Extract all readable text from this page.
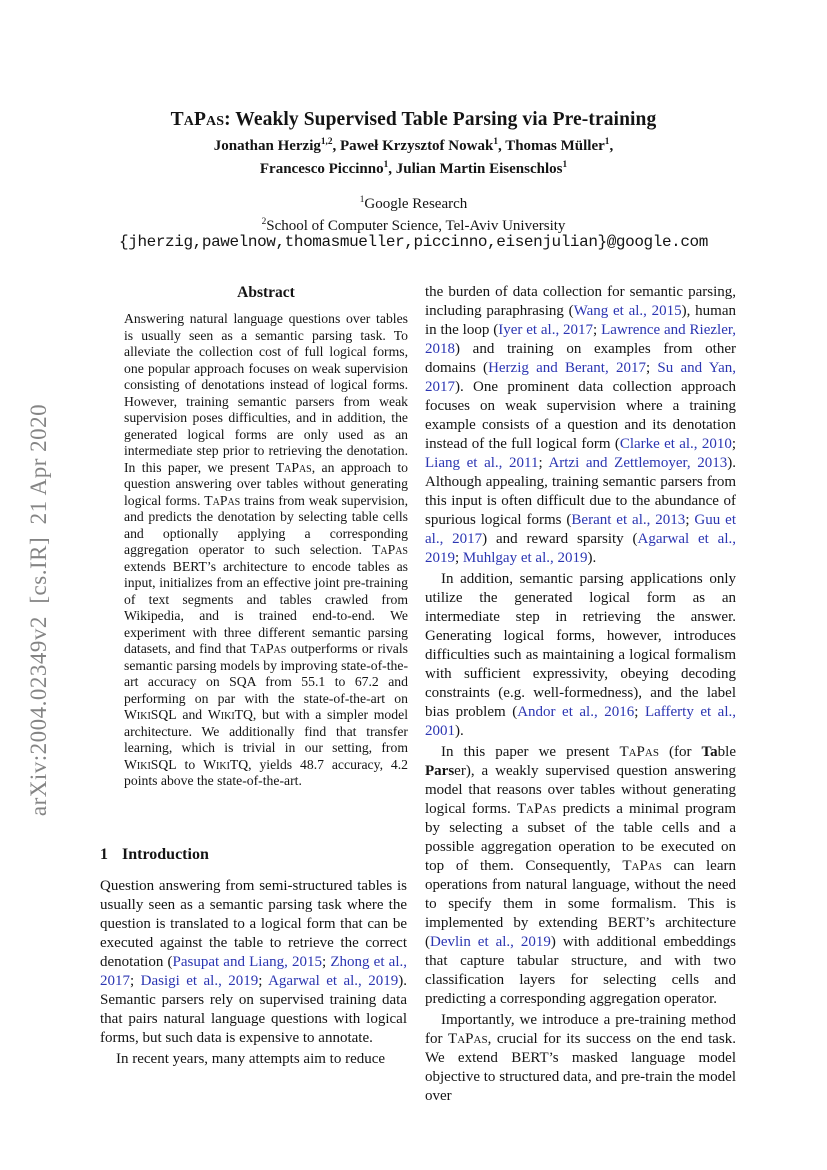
arXiv:2004.02349v2  [cs.IR]  21 Apr 2020
TaPas: Weakly Supervised Table Parsing via Pre-training
Jonathan Herzig$^{1,2}$, Paweł Krzysztof Nowak$^1$, Thomas Müller$^1$,
Francesco Piccinno$^1$, Julian Martin Eisenschlos$^1$
$^1$Google Research
$^2$School of Computer Science, Tel-Aviv University
{jherzig,pawelnow,thomasmueller,piccinno,eisenjulian}@google.com
Abstract
Answering natural language questions over tables is usually seen as a semantic parsing task. To alleviate the collection cost of full logical forms, one popular approach focuses on weak supervision consisting of denotations instead of logical forms. However, training semantic parsers from weak supervision poses difficulties, and in addition, the generated logical forms are only used as an intermediate step prior to retrieving the denotation. In this paper, we present TaPas, an approach to question answering over tables without generating logical forms. TaPas trains from weak supervision, and predicts the denotation by selecting table cells and optionally applying a corresponding aggregation operator to such selection. TaPas extends BERT’s architecture to encode tables as input, initializes from an effective joint pre-training of text segments and tables crawled from Wikipedia, and is trained end-to-end. We experiment with three different semantic parsing datasets, and find that TaPas outperforms or rivals semantic parsing models by improving state-of-the-art accuracy on SQA from 55.1 to 67.2 and performing on par with the state-of-the-art on WikiSQL and WikiTQ, but with a simpler model architecture. We additionally find that transfer learning, which is trivial in our setting, from WikiSQL to WikiTQ, yields 48.7 accuracy, 4.2 points above the state-of-the-art.
1 Introduction

Question answering from semi-structured tables is usually seen as a semantic parsing task where the question is translated to a logical form that can be executed against the table to retrieve the correct denotation (Pasupat and Liang, 2015; Zhong et al., 2017; Dasigi et al., 2019; Agarwal et al., 2019). Semantic parsers rely on supervised training data that pairs natural language questions with logical forms, but such data is expensive to annotate.

In recent years, many attempts aim to reduce

the burden of data collection for semantic parsing, including paraphrasing (Wang et al., 2015), human in the loop (Iyer et al., 2017; Lawrence and Riezler, 2018) and training on examples from other domains (Herzig and Berant, 2017; Su and Yan, 2017). One prominent data collection approach focuses on weak supervision where a training example consists of a question and its denotation instead of the full logical form (Clarke et al., 2010; Liang et al., 2011; Artzi and Zettlemoyer, 2013). Although appealing, training semantic parsers from this input is often difficult due to the abundance of spurious logical forms (Berant et al., 2013; Guu et al., 2017) and reward sparsity (Agarwal et al., 2019; Muhlgay et al., 2019).

In addition, semantic parsing applications only utilize the generated logical form as an intermediate step in retrieving the answer. Generating logical forms, however, introduces difficulties such as maintaining a logical formalism with sufficient expressivity, obeying decoding constraints (e.g. well-formedness), and the label bias problem (Andor et al., 2016; Lafferty et al., 2001).

In this paper we present TaPas (for Table Parser), a weakly supervised question answering model that reasons over tables without generating logical forms. TaPas predicts a minimal program by selecting a subset of the table cells and a possible aggregation operation to be executed on top of them. Consequently, TaPas can learn operations from natural language, without the need to specify them in some formalism. This is implemented by extending BERT’s architecture (Devlin et al., 2019) with additional embeddings that capture tabular structure, and with two classification layers for selecting cells and predicting a corresponding aggregation operator.

Importantly, we introduce a pre-training method for TaPas, crucial for its success on the end task. We extend BERT’s masked language model objective to structured data, and pre-train the model over
